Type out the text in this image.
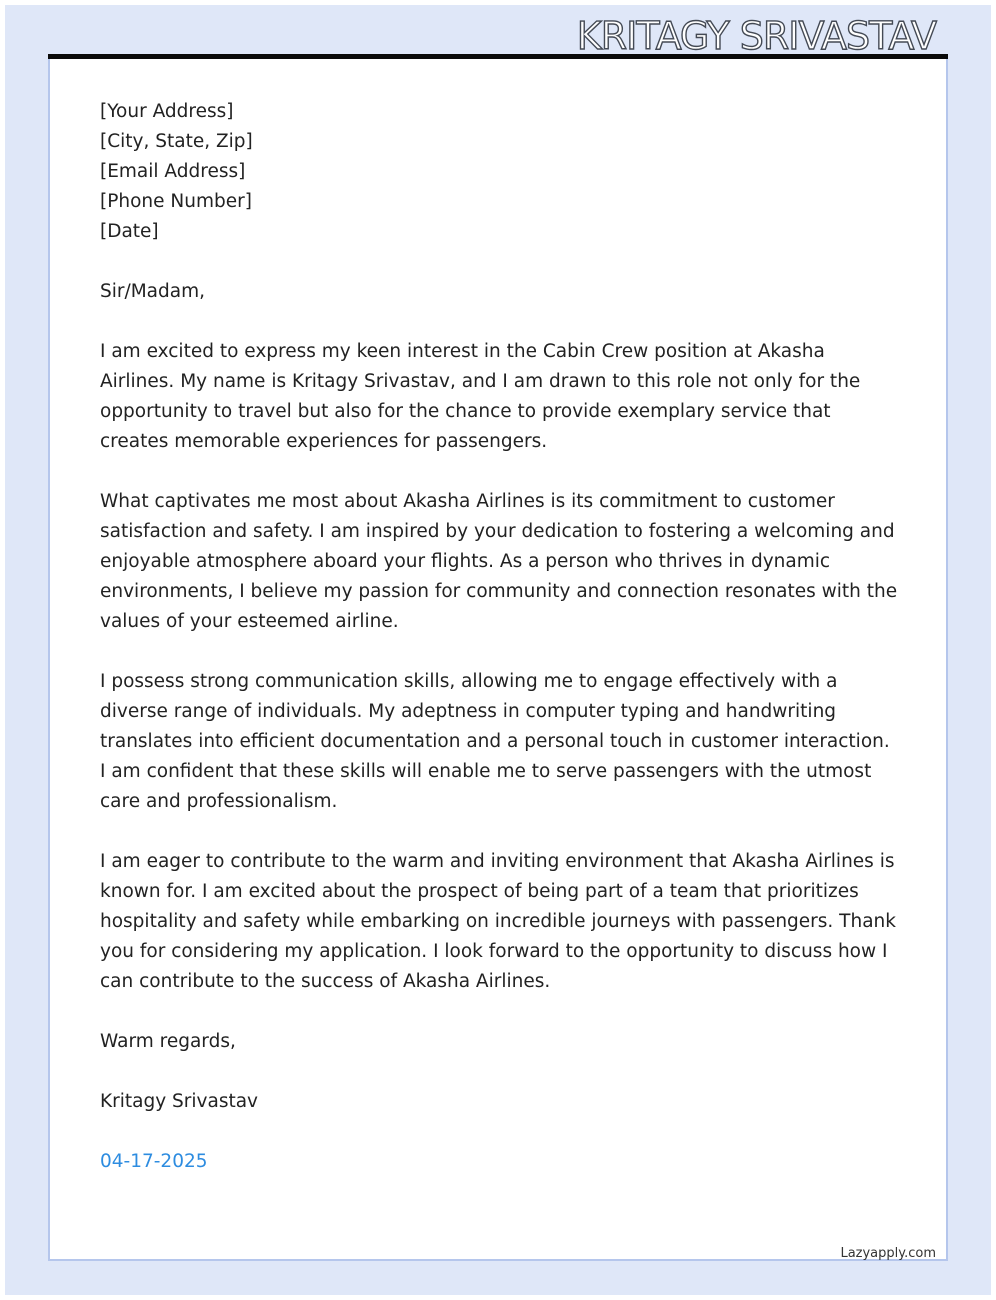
KRITAGY SRIVASTAV
[Your Address]
[City, State, Zip]
[Email Address]
[Phone Number]
[Date]

Sir/Madam,

I am excited to express my keen interest in the Cabin Crew position at Akasha Airlines. My name is Kritagy Srivastav, and I am drawn to this role not only for the opportunity to travel but also for the chance to provide exemplary service that creates memorable experiences for passengers.

What captivates me most about Akasha Airlines is its commitment to customer satisfaction and safety. I am inspired by your dedication to fostering a welcoming and enjoyable atmosphere aboard your flights. As a person who thrives in dynamic environments, I believe my passion for community and connection resonates with the values of your esteemed airline.

I possess strong communication skills, allowing me to engage effectively with a diverse range of individuals. My adeptness in computer typing and handwriting translates into efficient documentation and a personal touch in customer interaction. I am confident that these skills will enable me to serve passengers with the utmost care and professionalism.

I am eager to contribute to the warm and inviting environment that Akasha Airlines is known for. I am excited about the prospect of being part of a team that prioritizes hospitality and safety while embarking on incredible journeys with passengers. Thank you for considering my application. I look forward to the opportunity to discuss how I can contribute to the success of Akasha Airlines.

Warm regards,

Kritagy Srivastav

04-17-2025
Lazyapply.com
